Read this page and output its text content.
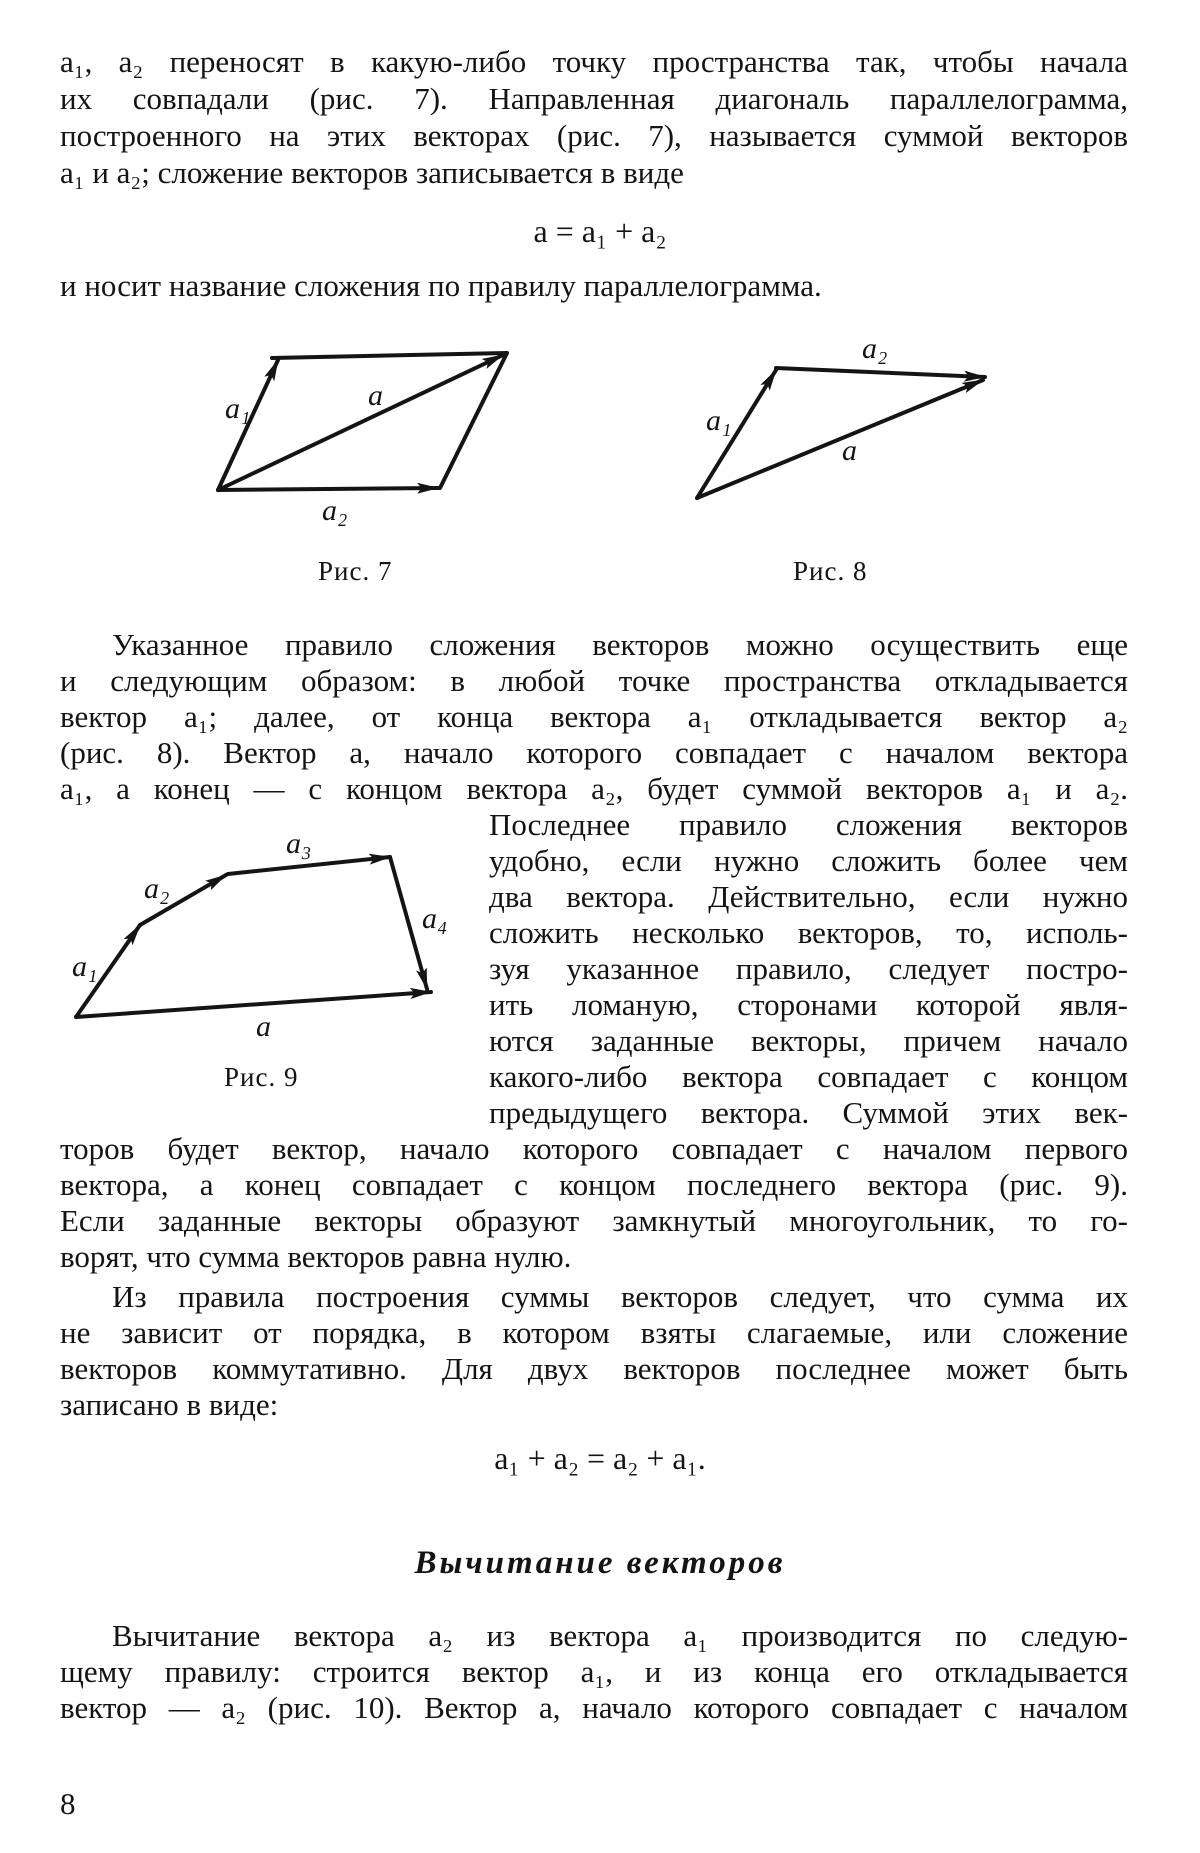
a₁, a₂ переносят в какую-либо точку пространства так, чтобы начала
их совпадали (рис. 7). Направленная диагональ параллелограмма,
построенного на этих векторах (рис. 7), называется суммой векторов
a₁ и a₂; сложение векторов записывается в виде
a = a₁ + a₂
и носит название сложения по правилу параллелограмма.
a₁	a
a₂
a₂
a₁
a
a₁
a₂
a₃
a₄
a
Рис. 7	Рис. 8
Указанное правило сложения векторов можно осуществить еще
и следующим образом: в любой точке пространства откладывается
вектор a₁; далее, от конца вектора a₁ откладывается вектор a₂
(рис. 8). Вектор a, начало которого совпадает с началом вектора
a₁, а конец — с концом вектора a₂, будет суммой векторов a₁ и a₂.
Последнее правило сложения векторов
удобно, если нужно сложить более чем
два вектора. Действительно, если нужно
сложить несколько векторов, то, исполь-
зуя указанное правило, следует постро-
ить ломаную, сторонами которой явля-
ются заданные векторы, причем начало
какого-либо вектора совпадает с концом
предыдущего вектора. Суммой этих век-
торов будет вектор, начало которого совпадает с началом первого
вектора, а конец совпадает с концом последнего вектора (рис. 9).
Если заданные векторы образуют замкнутый многоугольник, то го-
ворят, что сумма векторов равна нулю.
Рис. 9
Из правила построения суммы векторов следует, что сумма их
не зависит от порядка, в котором взяты слагаемые, или сложение
векторов коммутативно. Для двух векторов последнее может быть
записано в виде:
a₁ + a₂ = a₂ + a₁.
Вычитание векторов
Вычитание вектора a₂ из вектора a₁ производится по следую-
щему правилу: строится вектор a₁, и из конца его откладывается
вектор — a₂ (рис. 10). Вектор a, начало которого совпадает с началом
8
